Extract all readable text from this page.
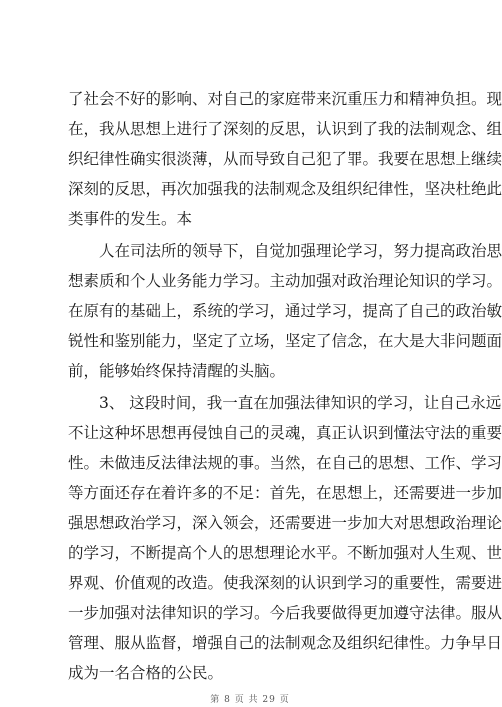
了社会不好的影响、对自己的家庭带来沉重压力和精神负担。现
在，我从思想上进行了深刻的反思，认识到了我的法制观念、组
织纪律性确实很淡薄，从而导致自己犯了罪。我要在思想上继续
深刻的反思，再次加强我的法制观念及组织纪律性，坚决杜绝此
类事件的发生。本
　　人在司法所的领导下，自觉加强理论学习，努力提高政治思
想素质和个人业务能力学习。主动加强对政治理论知识的学习。
在原有的基础上，系统的学习，通过学习，提高了自己的政治敏
锐性和鉴别能力，坚定了立场，坚定了信念，在大是大非问题面
前，能够始终保持清醒的头脑。
　　3、 这段时间，我一直在加强法律知识的学习，让自己永远
不让这种坏思想再侵蚀自己的灵魂，真正认识到懂法守法的重要
性。未做违反法律法规的事。当然，在自己的思想、工作、学习
等方面还存在着许多的不足：首先，在思想上，还需要进一步加
强思想政治学习，深入领会，还需要进一步加大对思想政治理论
的学习，不断提高个人的思想理论水平。不断加强对人生观、世
界观、价值观的改造。使我深刻的认识到学习的重要性，需要进
一步加强对法律知识的学习。今后我要做得更加遵守法律。服从
管理、服从监督，增强自己的法制观念及组织纪律性。力争早日
成为一名合格的公民。
第 8 页 共 29 页
